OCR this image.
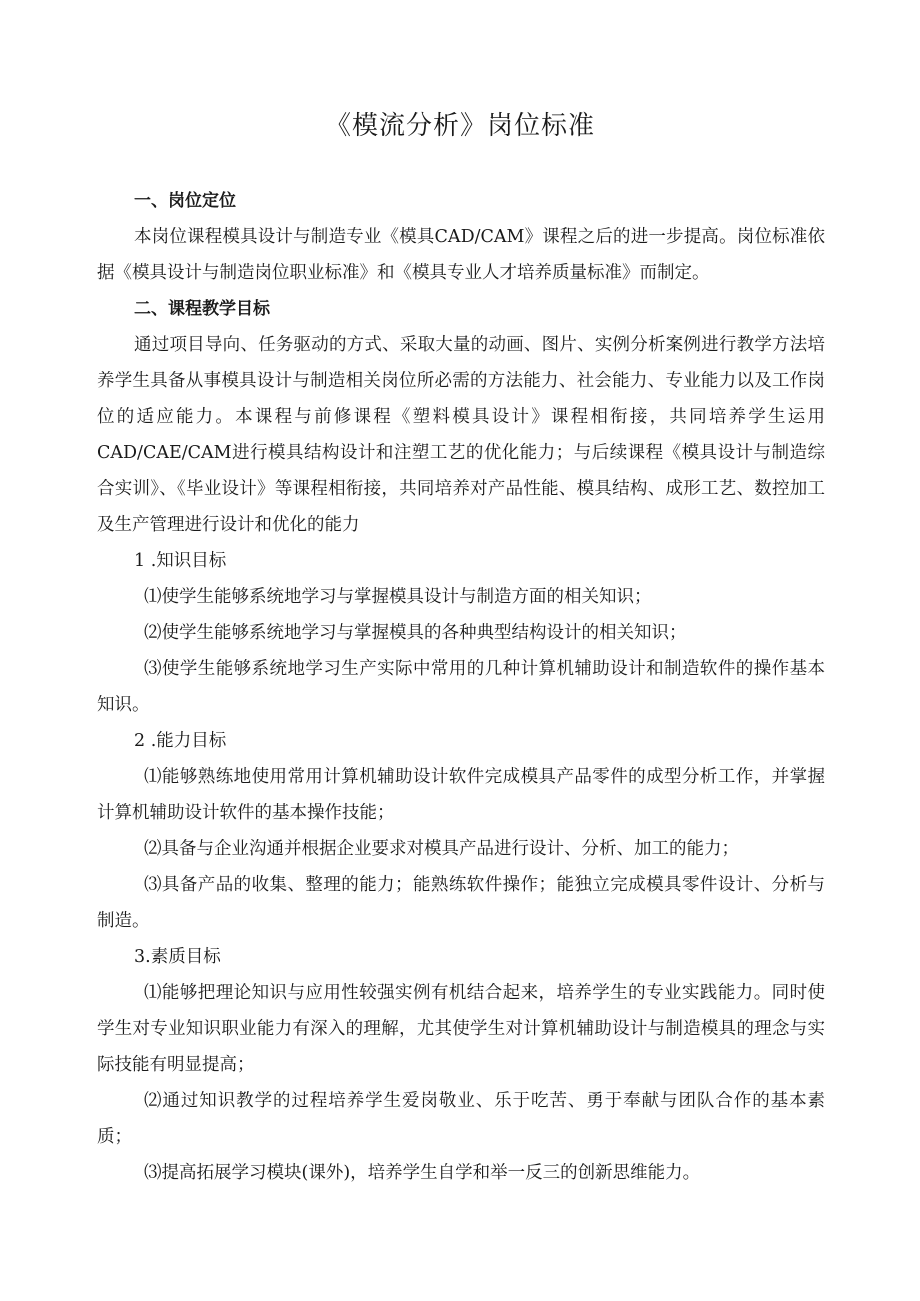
《模流分析》岗位标准

一、岗位定位

本岗位课程模具设计与制造专业《模具CAD/CAM》课程之后的进一步提高。岗位标准依据《模具设计与制造岗位职业标准》和《模具专业人才培养质量标准》而制定。

二、课程教学目标

通过项目导向、任务驱动的方式、采取大量的动画、图片、实例分析案例进行教学方法培养学生具备从事模具设计与制造相关岗位所必需的方法能力、社会能力、专业能力以及工作岗位的适应能力。本课程与前修课程《塑料模具设计》课程相衔接，共同培养学生运用CAD/CAE/CAM进行模具结构设计和注塑工艺的优化能力；与后续课程《模具设计与制造综合实训》、《毕业设计》等课程相衔接，共同培养对产品性能、模具结构、成形工艺、数控加工及生产管理进行设计和优化的能力

1 .知识目标

⑴使学生能够系统地学习与掌握模具设计与制造方面的相关知识；

⑵使学生能够系统地学习与掌握模具的各种典型结构设计的相关知识；

⑶使学生能够系统地学习生产实际中常用的几种计算机辅助设计和制造软件的操作基本知识。

2 .能力目标

⑴能够熟练地使用常用计算机辅助设计软件完成模具产品零件的成型分析工作，并掌握计算机辅助设计软件的基本操作技能；

⑵具备与企业沟通并根据企业要求对模具产品进行设计、分析、加工的能力；

⑶具备产品的收集、整理的能力；能熟练软件操作；能独立完成模具零件设计、分析与制造。

3.素质目标

⑴能够把理论知识与应用性较强实例有机结合起来，培养学生的专业实践能力。同时使学生对专业知识职业能力有深入的理解，尤其使学生对计算机辅助设计与制造模具的理念与实际技能有明显提高；

⑵通过知识教学的过程培养学生爱岗敬业、乐于吃苦、勇于奉献与团队合作的基本素质；

⑶提高拓展学习模块(课外)，培养学生自学和举一反三的创新思维能力。
